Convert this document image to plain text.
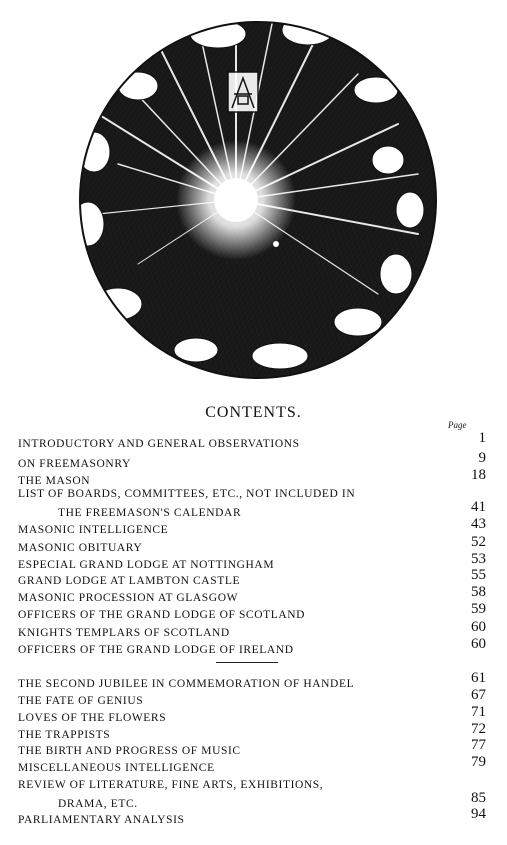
CONTENTS.
Page
INTRODUCTORY AND GENERAL OBSERVATIONS	1
ON FREEMASONRY	9
THE MASON	18
LIST OF BOARDS, COMMITTEES, ETC., NOT INCLUDED IN
THE FREEMASON'S CALENDAR	41
MASONIC INTELLIGENCE	43
MASONIC OBITUARY	52
ESPECIAL GRAND LODGE AT NOTTINGHAM	53
GRAND LODGE AT LAMBTON CASTLE	55
MASONIC PROCESSION AT GLASGOW	58
OFFICERS OF THE GRAND LODGE OF SCOTLAND	59
KNIGHTS TEMPLARS OF SCOTLAND	60
OFFICERS OF THE GRAND LODGE OF IRELAND	60
THE SECOND JUBILEE IN COMMEMORATION OF HANDEL	61
THE FATE OF GENIUS	67
LOVES OF THE FLOWERS	71
THE TRAPPISTS	72
THE BIRTH AND PROGRESS OF MUSIC	77
MISCELLANEOUS INTELLIGENCE	79
REVIEW OF LITERATURE, FINE ARTS, EXHIBITIONS,
DRAMA, ETC.	85
PARLIAMENTARY ANALYSIS	94
